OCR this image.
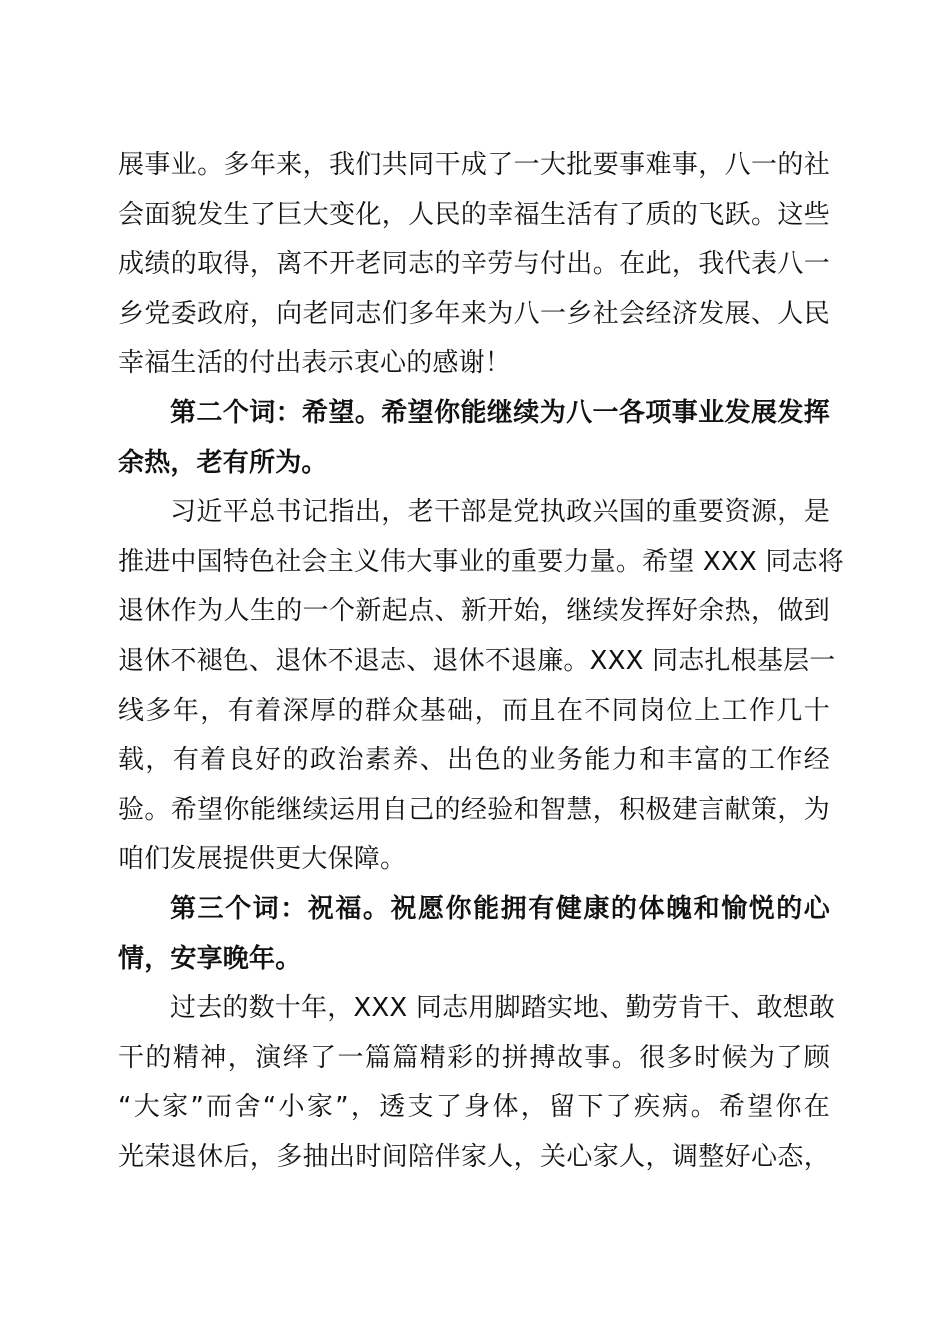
展事业。多年来，我们共同干成了一大批要事难事，八一的社
会面貌发生了巨大变化，人民的幸福生活有了质的飞跃。这些
成绩的取得，离不开老同志的辛劳与付出。在此，我代表八一
乡党委政府，向老同志们多年来为八一乡社会经济发展、人民
幸福生活的付出表示衷心的感谢！
第二个词：希望。希望你能继续为八一各项事业发展发挥
余热，老有所为。
习近平总书记指出，老干部是党执政兴国的重要资源，是
推进中国特色社会主义伟大事业的重要力量。希望 XXX 同志将
退休作为人生的一个新起点、新开始，继续发挥好余热，做到
退休不褪色、退休不退志、退休不退廉。XXX 同志扎根基层一
线多年，有着深厚的群众基础，而且在不同岗位上工作几十
载，有着良好的政治素养、出色的业务能力和丰富的工作经
验。希望你能继续运用自己的经验和智慧，积极建言献策，为
咱们发展提供更大保障。
第三个词：祝福。祝愿你能拥有健康的体魄和愉悦的心
情，安享晚年。
过去的数十年，XXX 同志用脚踏实地、勤劳肯干、敢想敢
干的精神，演绎了一篇篇精彩的拼搏故事。很多时候为了顾
“大家”而舍“小家”，透支了身体，留下了疾病。希望你在
光荣退休后，多抽出时间陪伴家人，关心家人，调整好心态，
